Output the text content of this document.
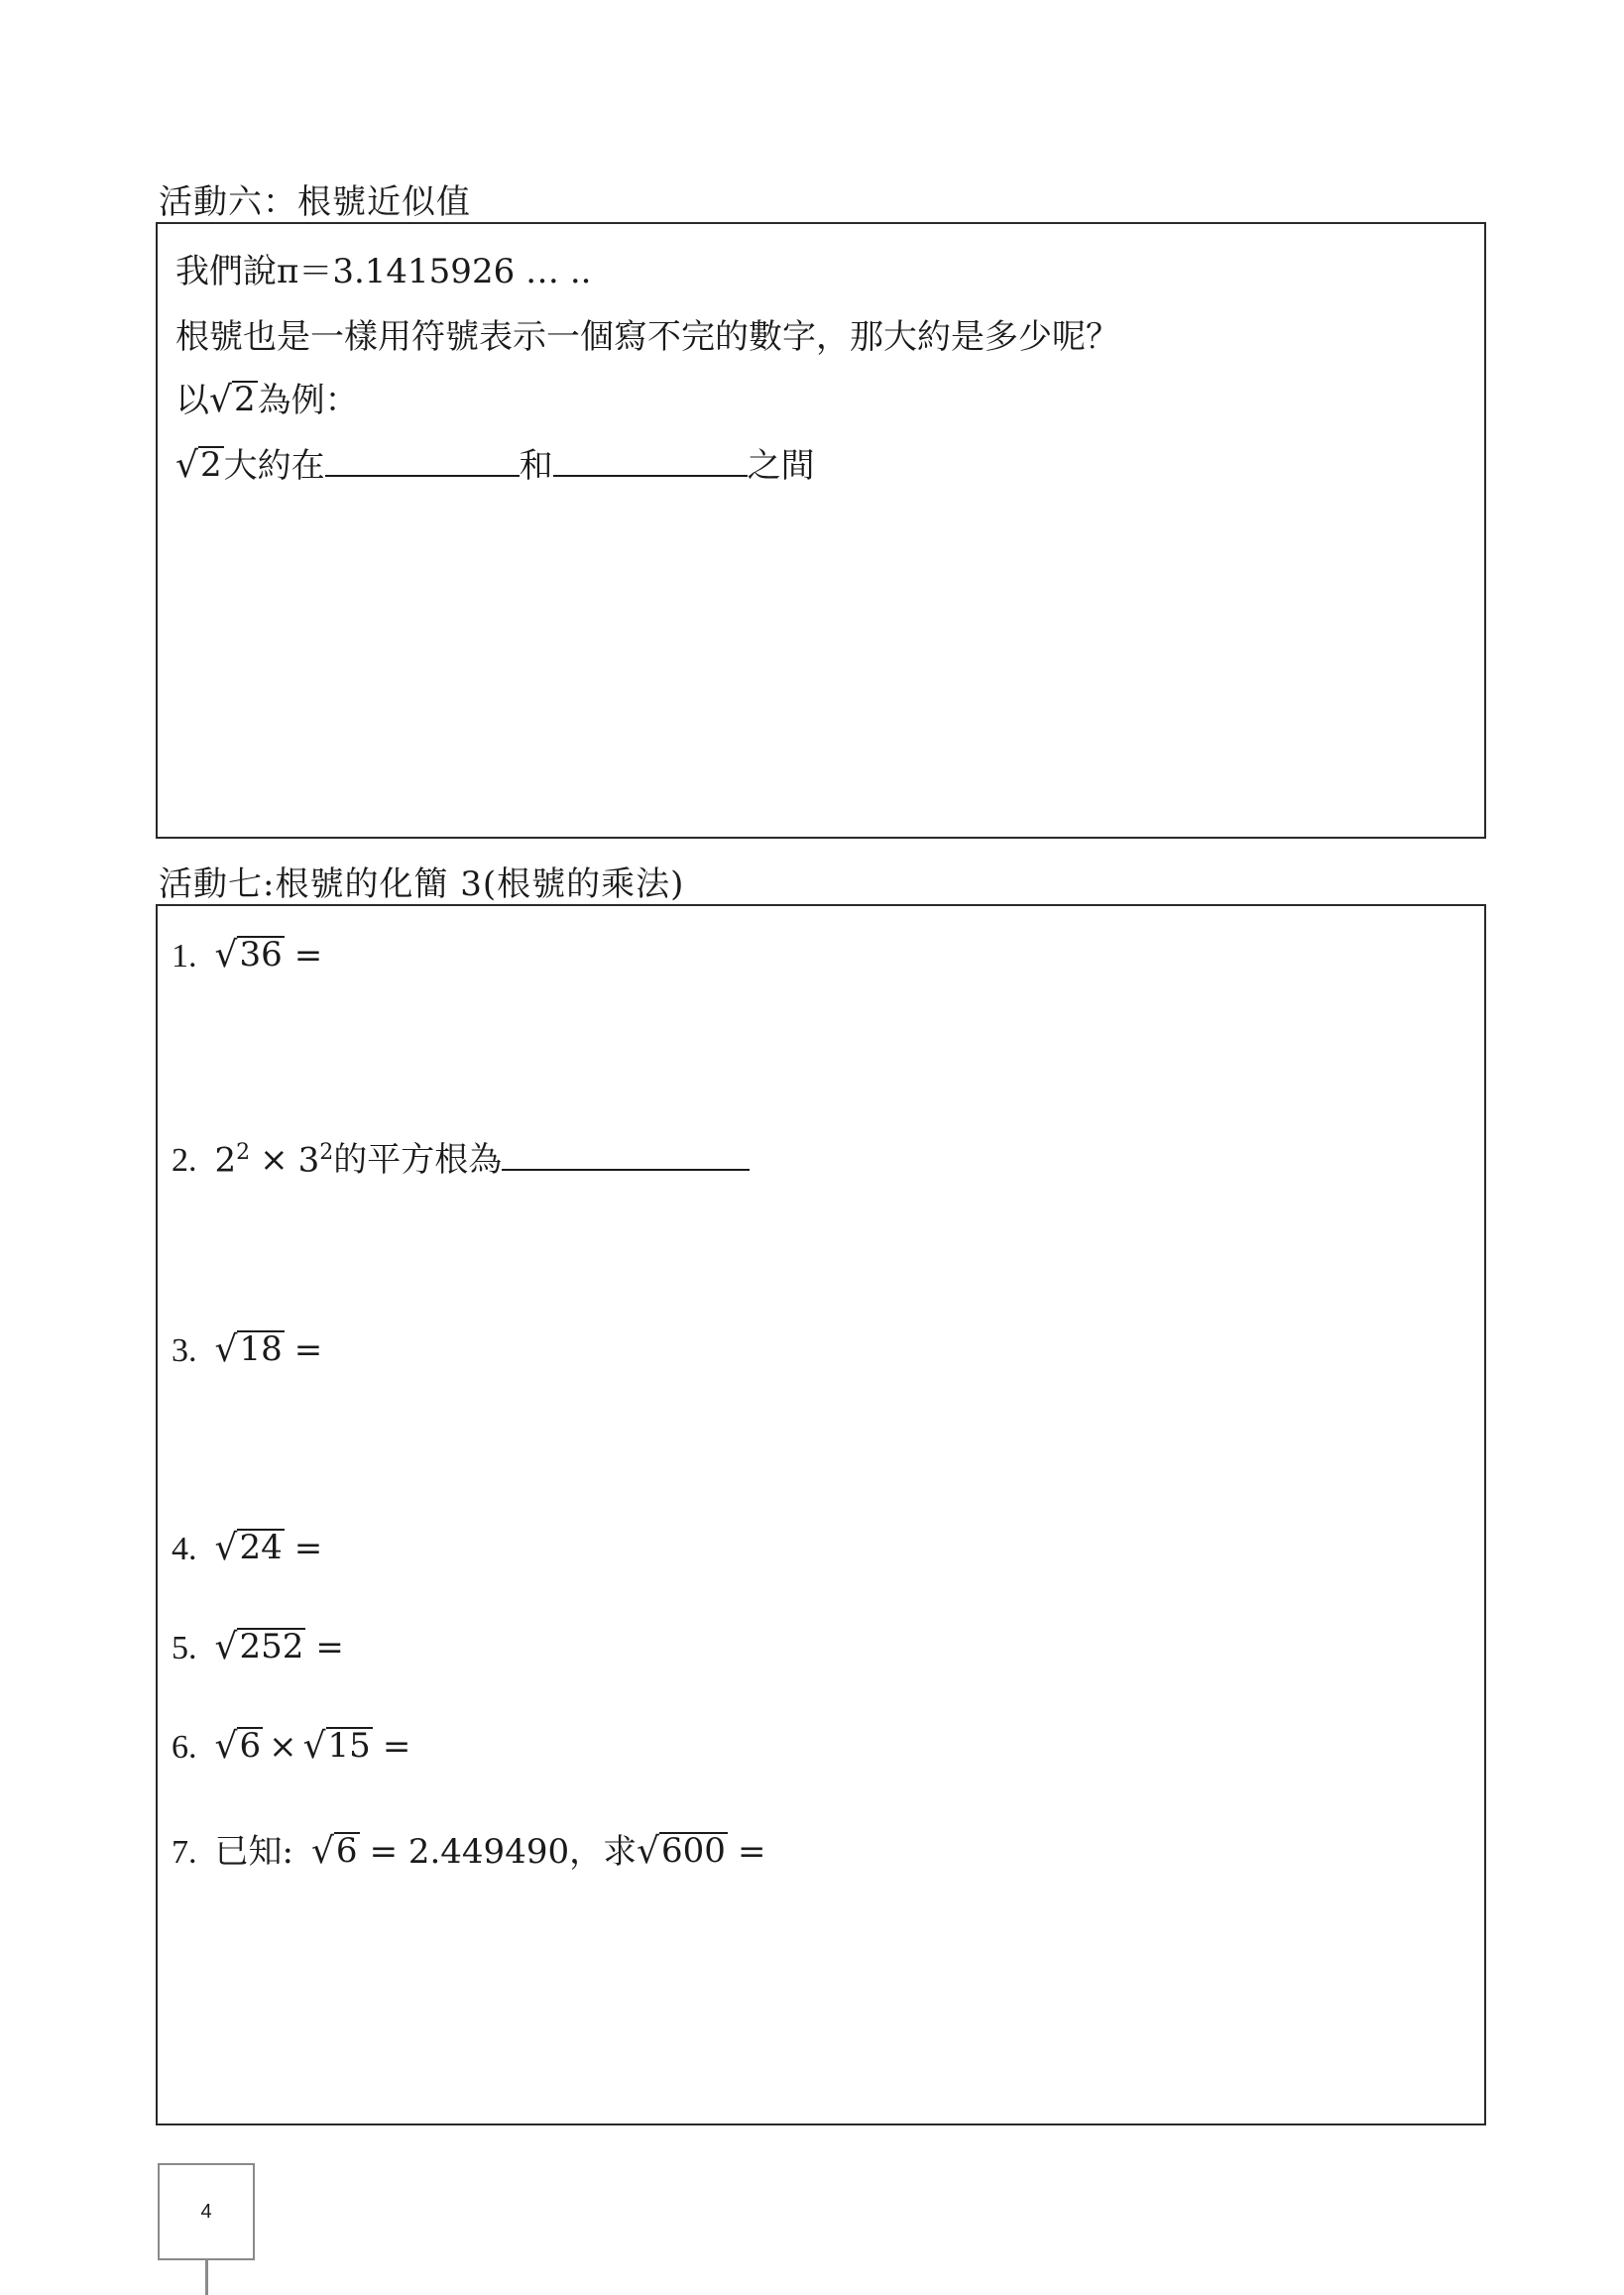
活動六：根號近似值
我們說 π＝3.1415926 … ..
根號也是一樣用符號表示一個寫不完的數字，那大約是多少呢？
以 √ 2 為例：
√ 2 大約在	和	之間
活動七:根號的化簡 3(根號的乘法)
1. √ 36 =
2. $2^2 \times 3^2$ 的平方根為
3. √ 18 =
4. √ 24 =
5. √ 252 =
6. √ 6 × √ 15 =
7. 已知: √ 6 = 2.449490，求 √ 600 =
4
